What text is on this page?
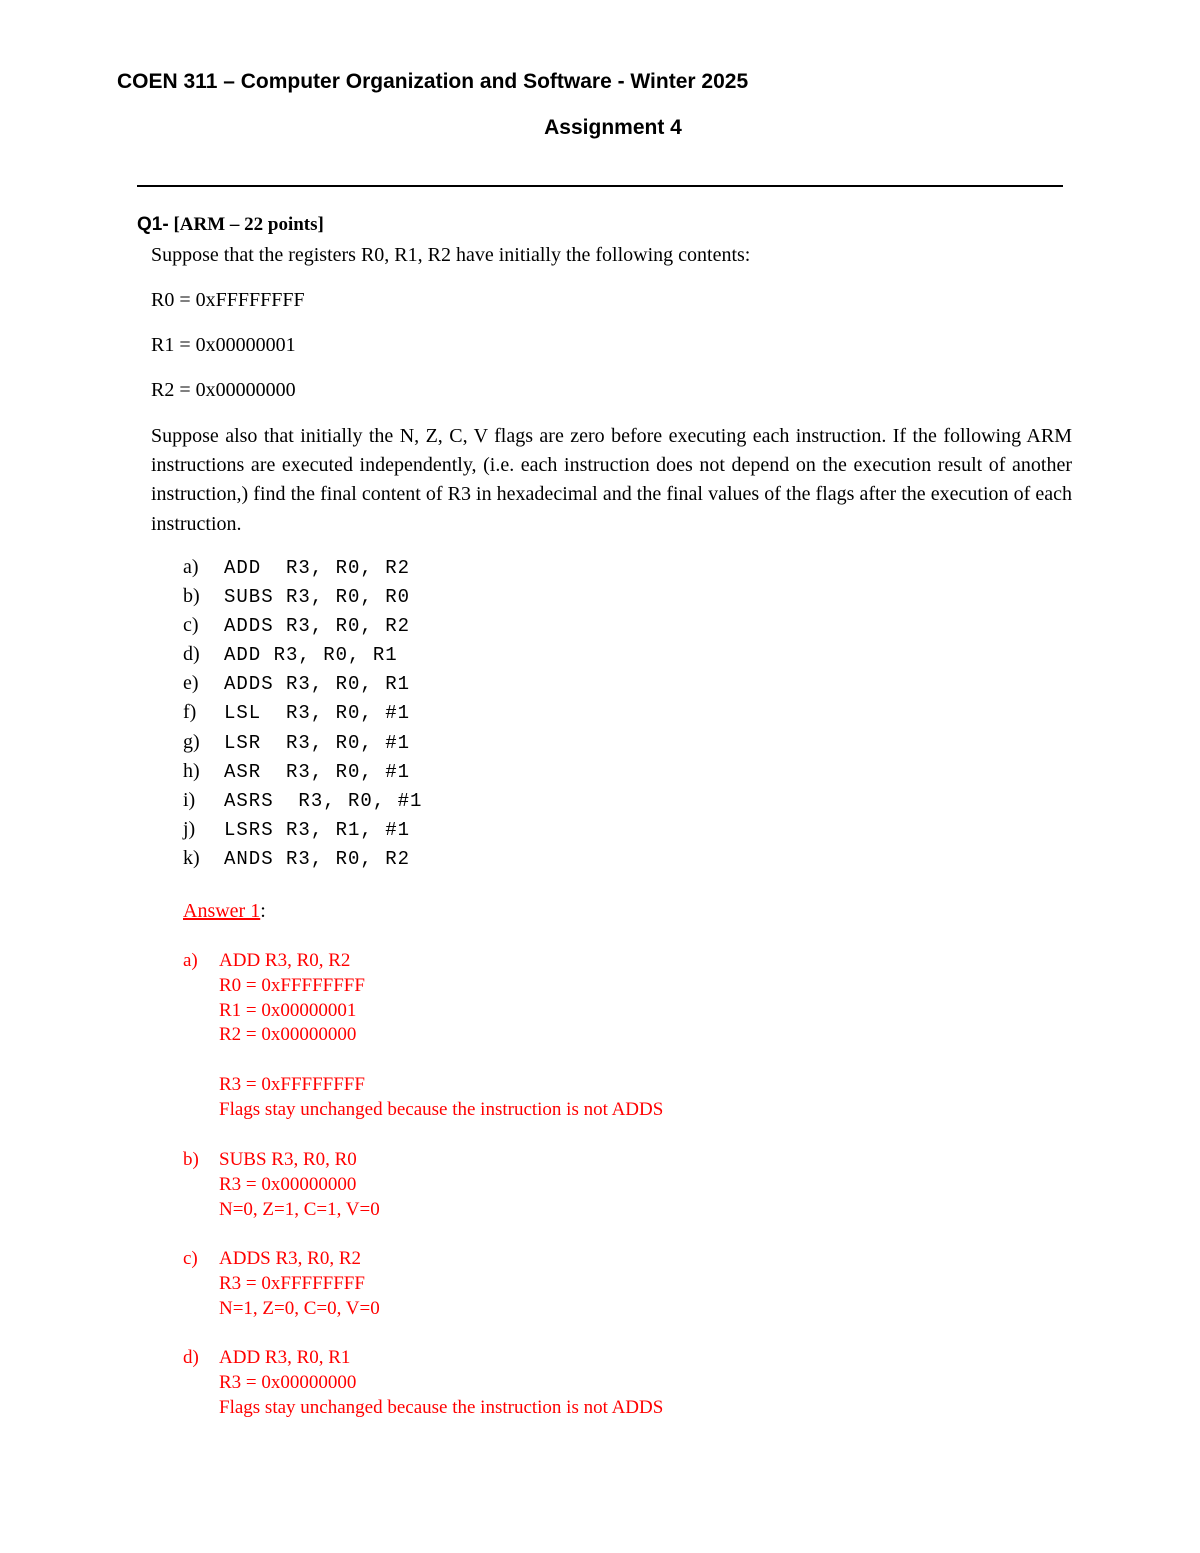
COEN 311 – Computer Organization and Software - Winter 2025
Assignment 4
Q1- [ARM – 22 points]
Suppose that the registers R0, R1, R2 have initially the following contents:
R0 = 0xFFFFFFFF
R1 = 0x00000001
R2 = 0x00000000
Suppose also that initially the N, Z, C, V flags are zero before executing each instruction. If the following ARM instructions are executed independently, (i.e. each instruction does not depend on the execution result of another instruction,) find the final content of R3 in hexadecimal and the final values of the flags after the execution of each instruction.
a) ADD  R3, R0, R2
b) SUBS R3, R0, R0
c) ADDS R3, R0, R2
d) ADD R3, R0, R1
e) ADDS R3, R0, R1
f) LSL  R3, R0, #1
g) LSR  R3, R0, #1
h) ASR  R3, R0, #1
i) ASRS  R3, R0, #1
j) LSRS R3, R1, #1
k) ANDS R3, R0, R2
Answer 1:
a)	ADD R3, R0, R2
R0 = 0xFFFFFFFF
R1 = 0x00000001
R2 = 0x00000000
R3 = 0xFFFFFFFF
Flags stay unchanged because the instruction is not ADDS
b)	SUBS R3, R0, R0
R3 = 0x00000000
N=0, Z=1, C=1, V=0
c)	ADDS R3, R0, R2
R3 = 0xFFFFFFFF
N=1, Z=0, C=0, V=0
d)	ADD R3, R0, R1
R3 = 0x00000000
Flags stay unchanged because the instruction is not ADDS
